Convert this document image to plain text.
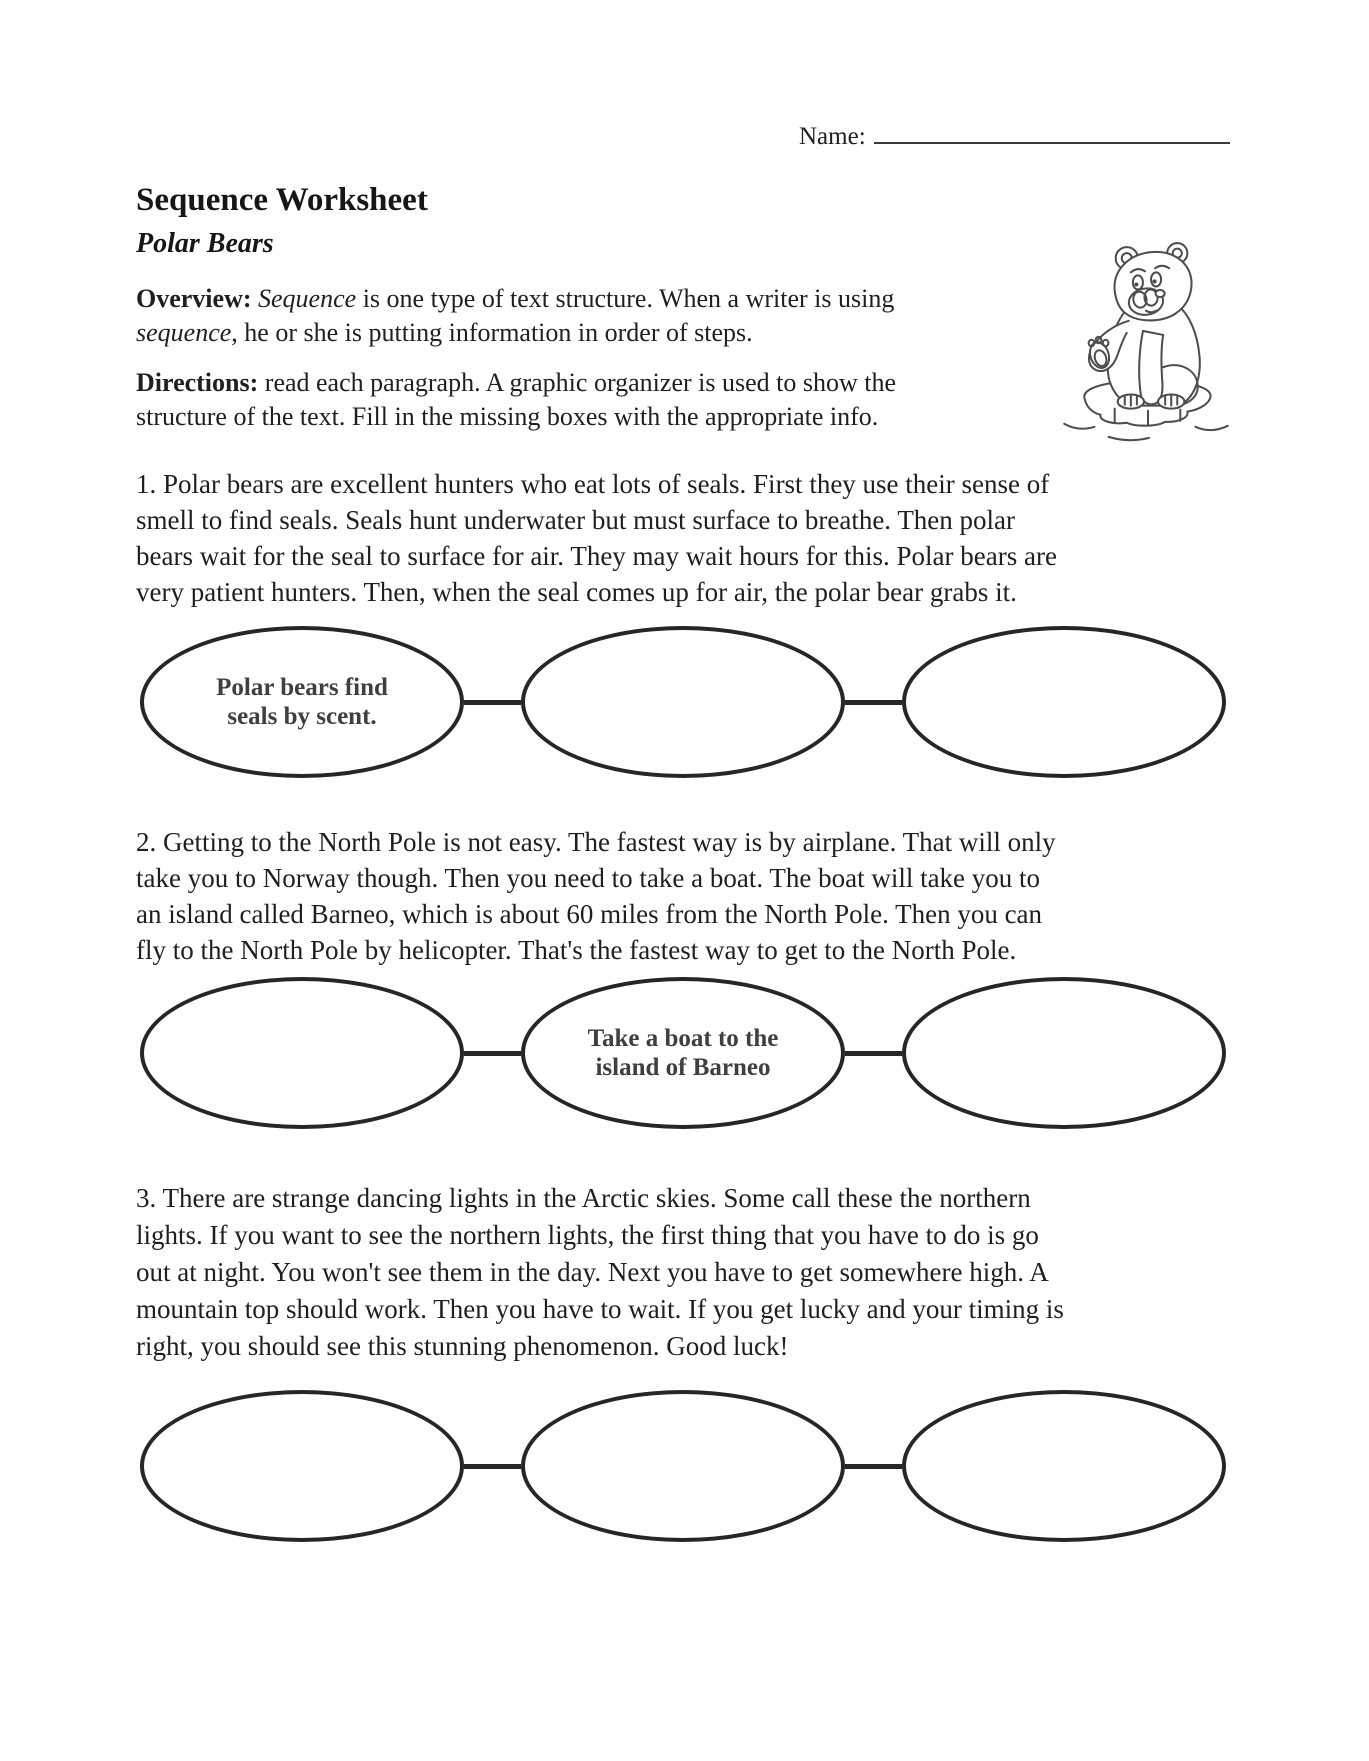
Name:
Sequence Worksheet
Polar Bears
Overview: Sequence is one type of text structure. When a writer is using
sequence, he or she is putting information in order of steps.
Directions: read each paragraph. A graphic organizer is used to show the
structure of the text. Fill in the missing boxes with the appropriate info.
1. Polar bears are excellent hunters who eat lots of seals. First they use their sense of
smell to find seals. Seals hunt underwater but must surface to breathe. Then polar
bears wait for the seal to surface for air. They may wait hours for this. Polar bears are
very patient hunters. Then, when the seal comes up for air, the polar bear grabs it.
Polar bears find seals by scent.
2. Getting to the North Pole is not easy. The fastest way is by airplane. That will only
take you to Norway though. Then you need to take a boat. The boat will take you to
an island called Barneo, which is about 60 miles from the North Pole. Then you can
fly to the North Pole by helicopter. That's the fastest way to get to the North Pole.
Take a boat to the island of Barneo
3. There are strange dancing lights in the Arctic skies. Some call these the northern
lights. If you want to see the northern lights, the first thing that you have to do is go
out at night. You won't see them in the day. Next you have to get somewhere high. A
mountain top should work. Then you have to wait. If you get lucky and your timing is
right, you should see this stunning phenomenon. Good luck!
